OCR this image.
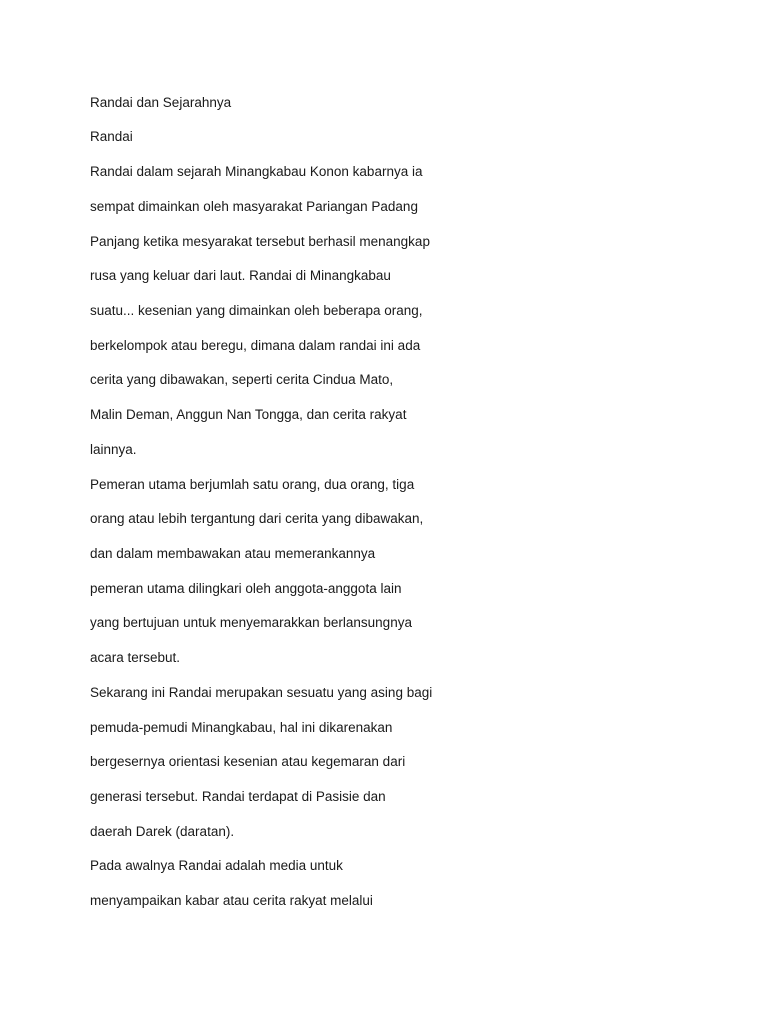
Randai dan Sejarahnya

Randai

Randai dalam sejarah Minangkabau Konon kabarnya ia

sempat dimainkan oleh masyarakat Pariangan Padang

Panjang ketika mesyarakat tersebut berhasil menangkap

rusa yang keluar dari laut. Randai di Minangkabau

suatu... kesenian yang dimainkan oleh beberapa orang,

berkelompok atau beregu, dimana dalam randai ini ada

cerita yang dibawakan, seperti cerita Cindua Mato,

Malin Deman, Anggun Nan Tongga, dan cerita rakyat

lainnya.

Pemeran utama berjumlah satu orang, dua orang, tiga

orang atau lebih tergantung dari cerita yang dibawakan,

dan dalam membawakan atau memerankannya

pemeran utama dilingkari oleh anggota-anggota lain

yang bertujuan untuk menyemarakkan berlansungnya

acara tersebut.

Sekarang ini Randai merupakan sesuatu yang asing bagi

pemuda-pemudi Minangkabau, hal ini dikarenakan

bergesernya orientasi kesenian atau kegemaran dari

generasi tersebut. Randai terdapat di Pasisie dan

daerah Darek (daratan).

Pada awalnya Randai adalah media untuk

menyampaikan kabar atau cerita rakyat melalui
